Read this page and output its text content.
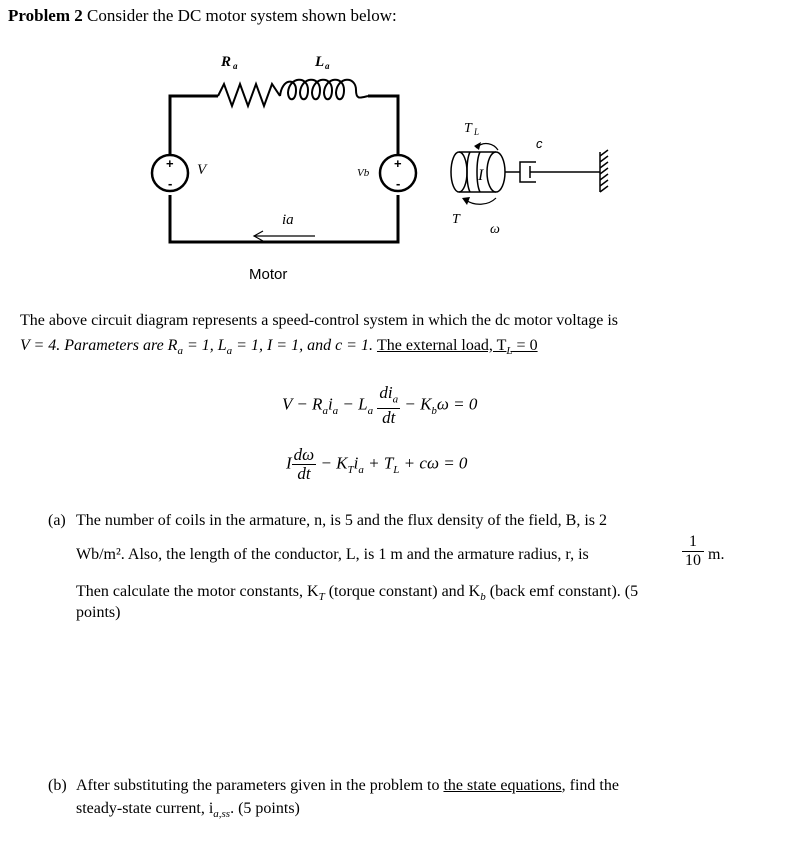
Problem 2 Consider the DC motor system shown below:
+
-
V	+
-
Vb
R a	L a
ia
Motor
I
T L
T
ω
c
The above circuit diagram represents a speed-control system in which the dc motor voltage is
V = 4. Parameters are $R_a = 1$, $L_a = 1$, I = 1, and c = 1. The external load, $T_L = 0$
$V - R_ai_a - L_a \frac{di_a}{dt} - K_b\omega = 0$
I $\frac{d\omega}{dt} - K_Ti_a + T_L + c\omega = 0$
(a) The number of coils in the armature, n, is 5 and the flux density of the field, B, is 2
Wb/m². Also, the length of the conductor, L, is 1 m and the armature radius, r, is	$\frac{1}{10} m$.
Then calculate the motor constants, $K_T$ (torque constant) and $K_b$ (back emf constant). (5
points)
(b) After substituting the parameters given in the problem to the state equations, find the
steady-state current, $i_{a,ss}$. (5 points)
